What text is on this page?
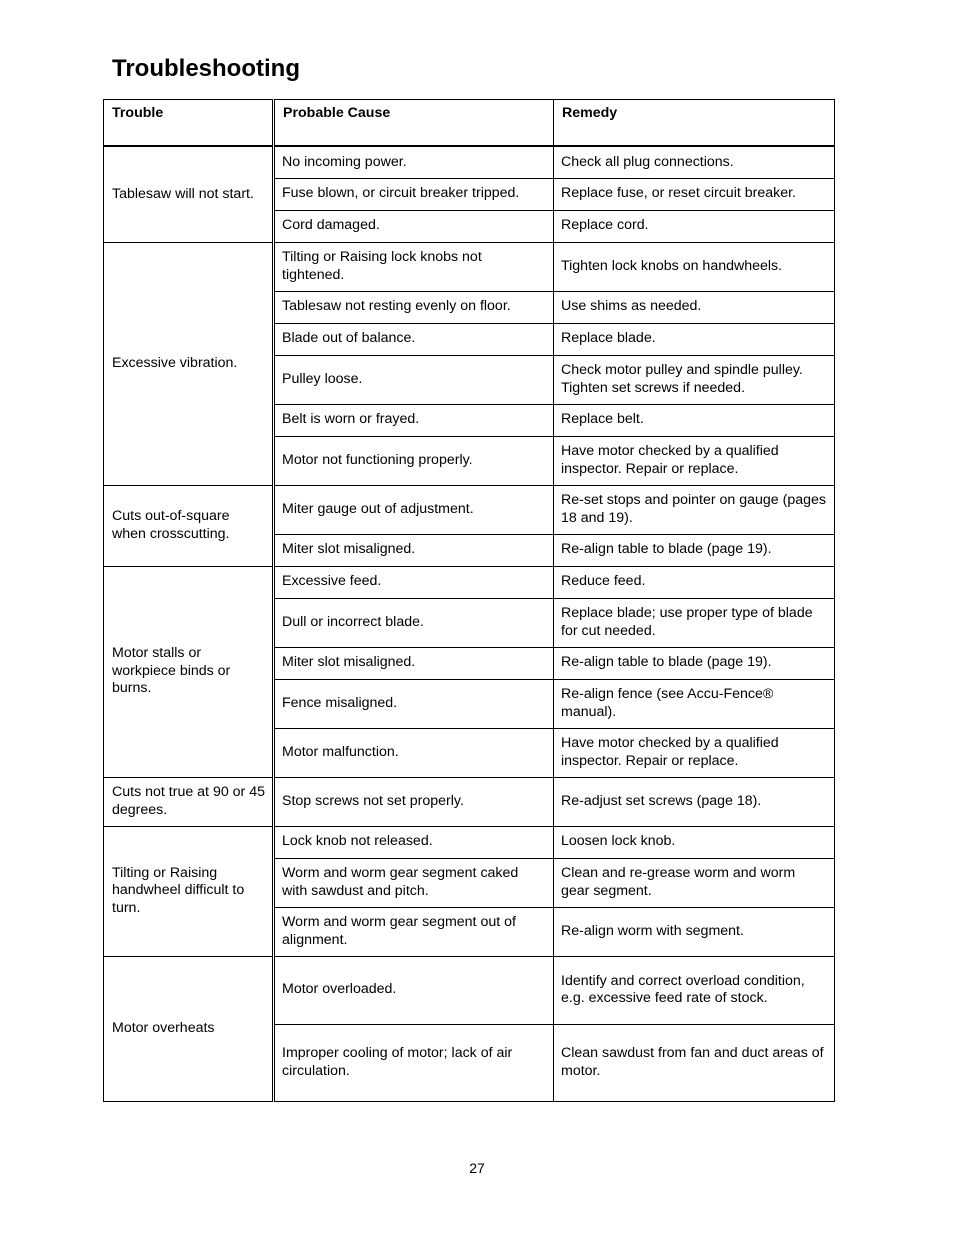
Troubleshooting
Trouble	Probable Cause	Remedy
Tablesaw will not start.	No incoming power.	Check all plug connections.
	Fuse blown, or circuit breaker tripped.	Replace fuse, or reset circuit breaker.
	Cord damaged.	Replace cord.
Excessive vibration.	Tilting or Raising lock knobs not tightened.	Tighten lock knobs on handwheels.
	Tablesaw not resting evenly on floor.	Use shims as needed.
	Blade out of balance.	Replace blade.
	Pulley loose.	Check motor pulley and spindle pulley. Tighten set screws if needed.
	Belt is worn or frayed.	Replace belt.
	Motor not functioning properly.	Have motor checked by a qualified inspector. Repair or replace.
Cuts out-of-square when crosscutting.	Miter gauge out of adjustment.	Re-set stops and pointer on gauge (pages 18 and 19).
	Miter slot misaligned.	Re-align table to blade (page 19).
Motor stalls or workpiece binds or burns.	Excessive feed.	Reduce feed.
	Dull or incorrect blade.	Replace blade; use proper type of blade for cut needed.
	Miter slot misaligned.	Re-align table to blade (page 19).
	Fence misaligned.	Re-align fence (see Accu-Fence® manual).
	Motor malfunction.	Have motor checked by a qualified inspector. Repair or replace.
Cuts not true at 90 or 45 degrees.	Stop screws not set properly.	Re-adjust set screws (page 18).
Tilting or Raising handwheel difficult to turn.	Lock knob not released.	Loosen lock knob.
	Worm and worm gear segment caked with sawdust and pitch.	Clean and re-grease worm and worm gear segment.
	Worm and worm gear segment out of alignment.	Re-align worm with segment.
Motor overheats	Motor overloaded.	Identify and correct overload condition, e.g. excessive feed rate of stock.
	Improper cooling of motor; lack of air circulation.	Clean sawdust from fan and duct areas of motor.
27
